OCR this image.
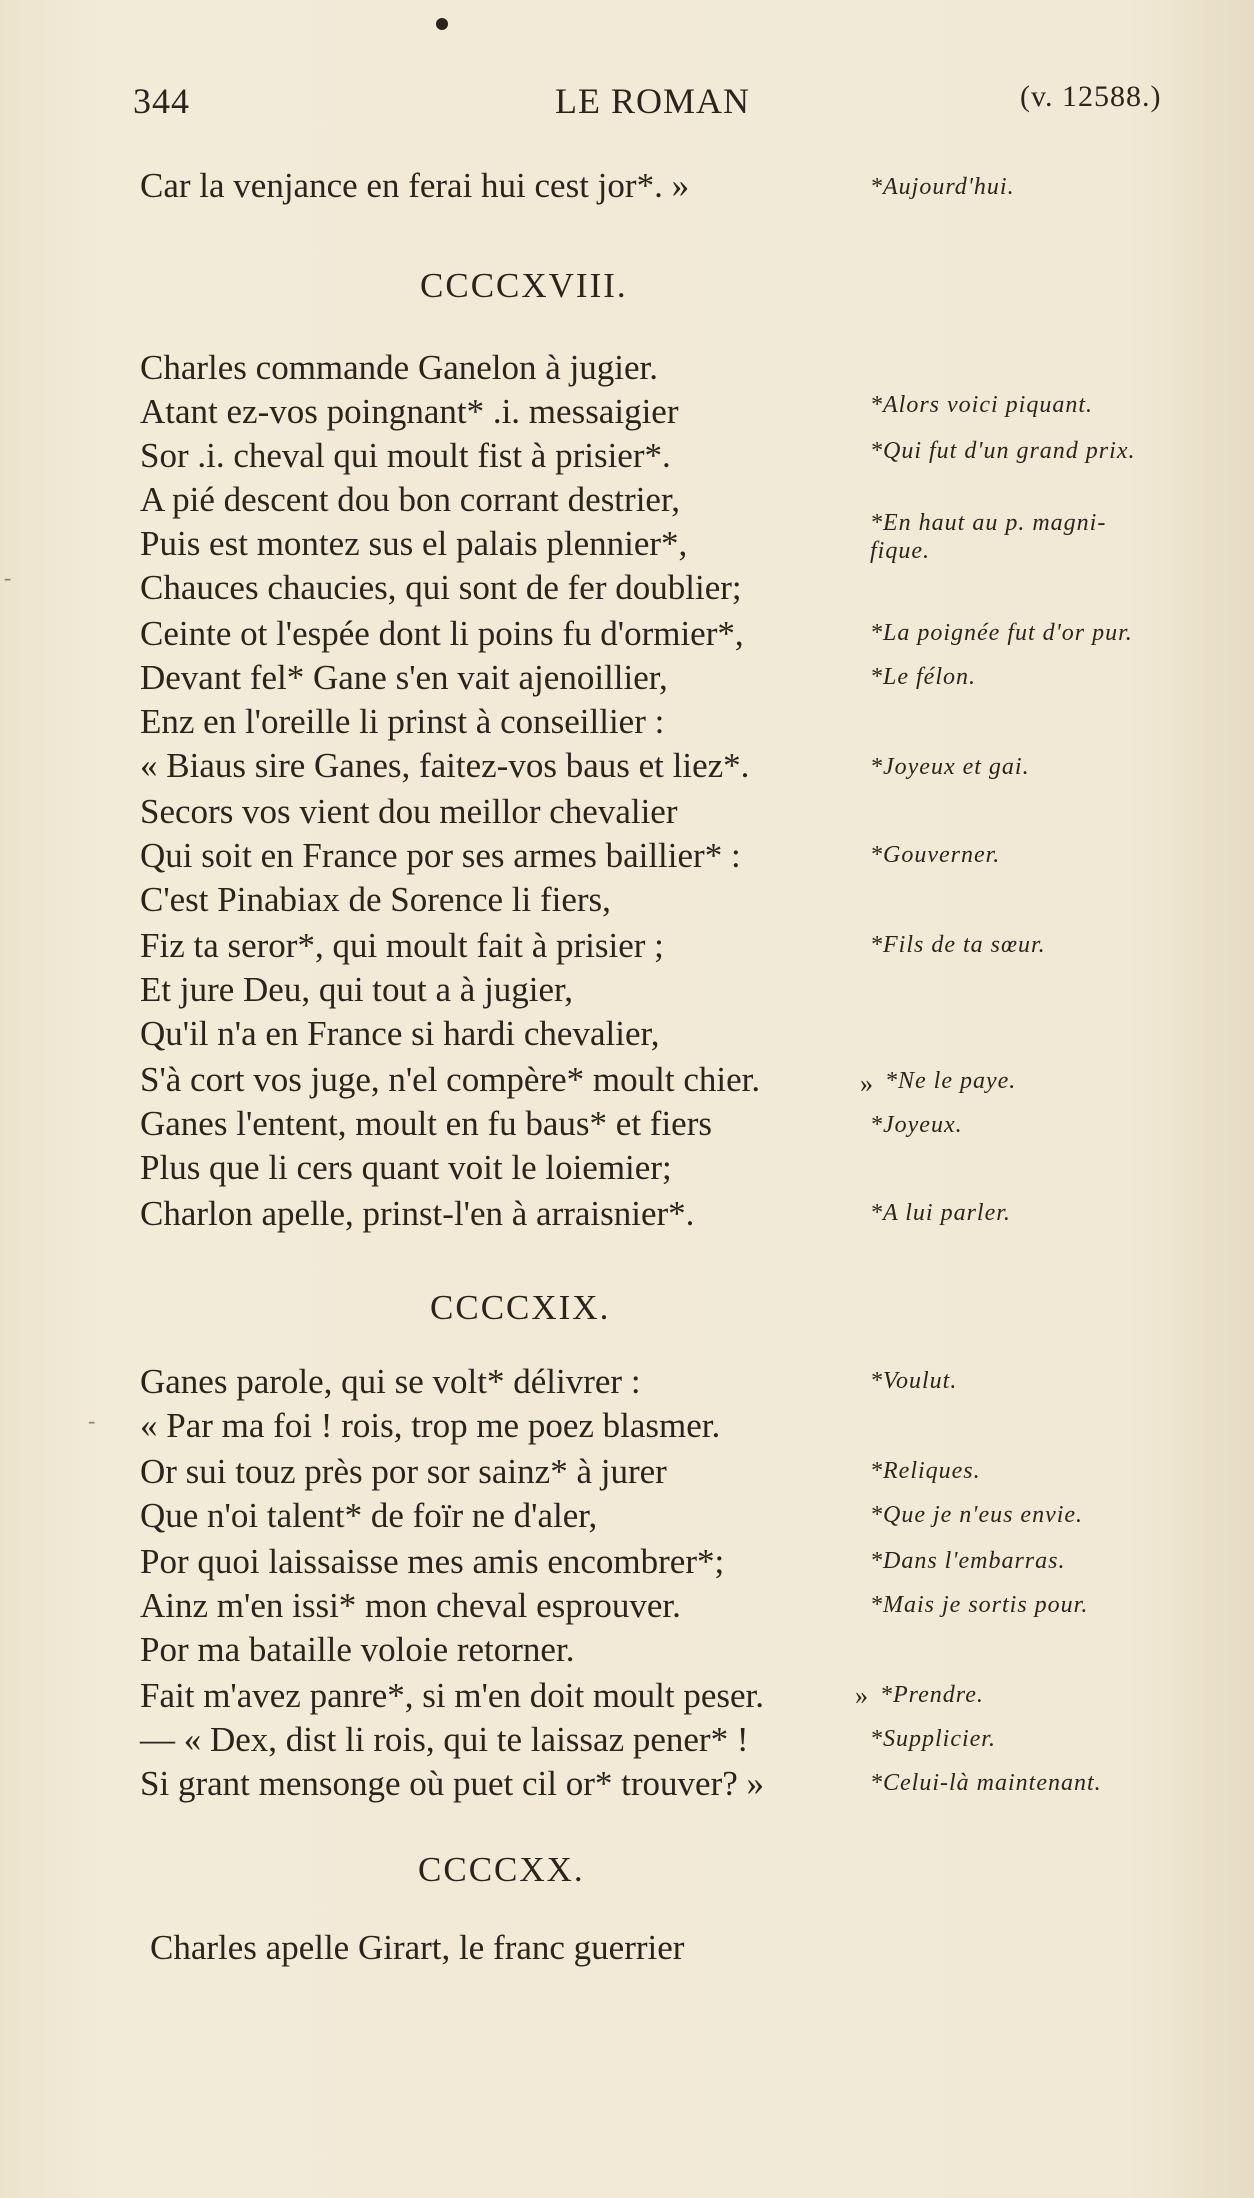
344	LE ROMAN	(v. 12588.)
Car la venjance en ferai hui cest jor*. »	*Aujourd'hui.
CCCCXVIII.
Charles commande Ganelon à jugier.
Atant ez-vos poingnant* .i. messaigier
Sor .i. cheval qui moult fist à prisier*.
A pié descent dou bon corrant destrier,
Puis est montez sus el palais plennier*,
Chauces chaucies, qui sont de fer doublier;
Ceinte ot l'espée dont li poins fu d'ormier*,
Devant fel* Gane s'en vait ajenoillier,
Enz en l'oreille li prinst à conseillier :
« Biaus sire Ganes, faitez-vos baus et liez*.
Secors vos vient dou meillor chevalier
Qui soit en France por ses armes baillier* :
C'est Pinabiax de Sorence li fiers,
Fiz ta seror*, qui moult fait à prisier ;
Et jure Deu, qui tout a à jugier,
Qu'il n'a en France si hardi chevalier,
S'à cort vos juge, n'el compère* moult chier.
Ganes l'entent, moult en fu baus* et fiers
Plus que li cers quant voit le loiemier;
Charlon apelle, prinst-l'en à arraisnier*.
*Alors voici piquant.
*Qui fut d'un grand prix.
*En haut au p. magni-
fique.
*La poignée fut d'or pur.
*Le félon.
*Joyeux et gai.
*Gouverner.
*Fils de ta sœur.
» *Ne le paye.
*Joyeux.
*A lui parler.
CCCCXIX.
Ganes parole, qui se volt* délivrer :
« Par ma foi ! rois, trop me poez blasmer.
Or sui touz près por sor sainz* à jurer
Que n'oi talent* de foïr ne d'aler,
Por quoi laissaisse mes amis encombrer*;
Ainz m'en issi* mon cheval esprouver.
Por ma bataille voloie retorner.
Fait m'avez panre*, si m'en doit moult peser.
— « Dex, dist li rois, qui te laissaz pener* !
Si grant mensonge où puet cil or* trouver? »
*Voulut.
*Reliques.
*Que je n'eus envie.
*Dans l'embarras.
*Mais je sortis pour.
» *Prendre.
*Supplicier.
*Celui-là maintenant.
CCCCXX.
Charles apelle Girart, le franc guerrier
-
-
